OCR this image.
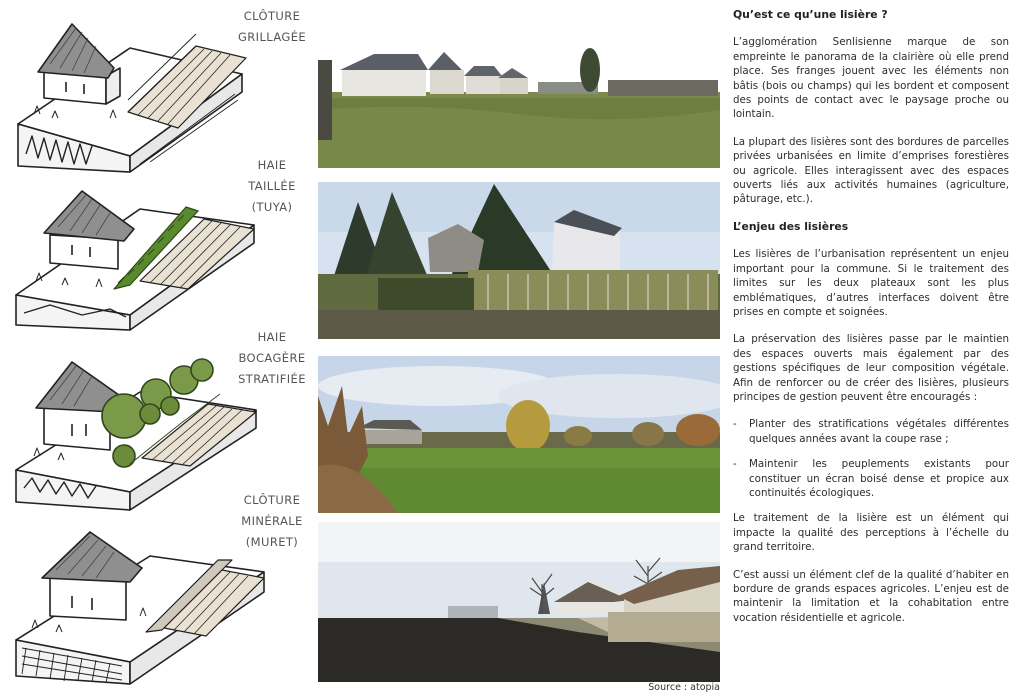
CLÔTURE
GRILLAGÉE
HAIE
TAILLÉE
(TUYA)
HAIE
BOCAGÈRE
STRATIFIÉE
CLÔTURE
MINÉRALE
(MURET)
Source : atopia
Qu’est ce qu’une lisière ?

L’agglomération Senlisienne marque de son empreinte le panorama de la clairière où elle prend place. Ses franges jouent avec les éléments non bâtis (bois ou champs) qui les bordent et composent des points de contact avec le paysage proche ou lointain.

La plupart des lisières sont des bordures de parcelles privées urbanisées en limite d’emprises forestières ou agricole. Elles interagissent avec des espaces ouverts liés aux activités humaines (agriculture, pâturage, etc.).

L’enjeu des lisières

Les lisières de l’urbanisation représentent un enjeu important pour la commune. Si le traitement des limites sur les deux plateaux sont les plus emblématiques, d’autres interfaces doivent être prises en compte et soignées.

La préservation des lisières passe par le maintien des espaces ouverts mais également par des gestions spécifiques de leur composition végétale. Afin de renforcer ou de créer des lisières, plusieurs principes de gestion peuvent être encouragés :

-	Planter des stratifications végétales différentes quelques années avant la coupe rase ;
-	Maintenir les peuplements existants pour constituer un écran boisé dense et propice aux continuités écologiques.

Le traitement de la lisière est un élément qui impacte la qualité des perceptions à l’échelle du grand territoire.

C’est aussi un élément clef de la qualité d’habiter en bordure de grands espaces agricoles. L’enjeu est de maintenir la limitation et la cohabitation entre vocation résidentielle et agricole.
